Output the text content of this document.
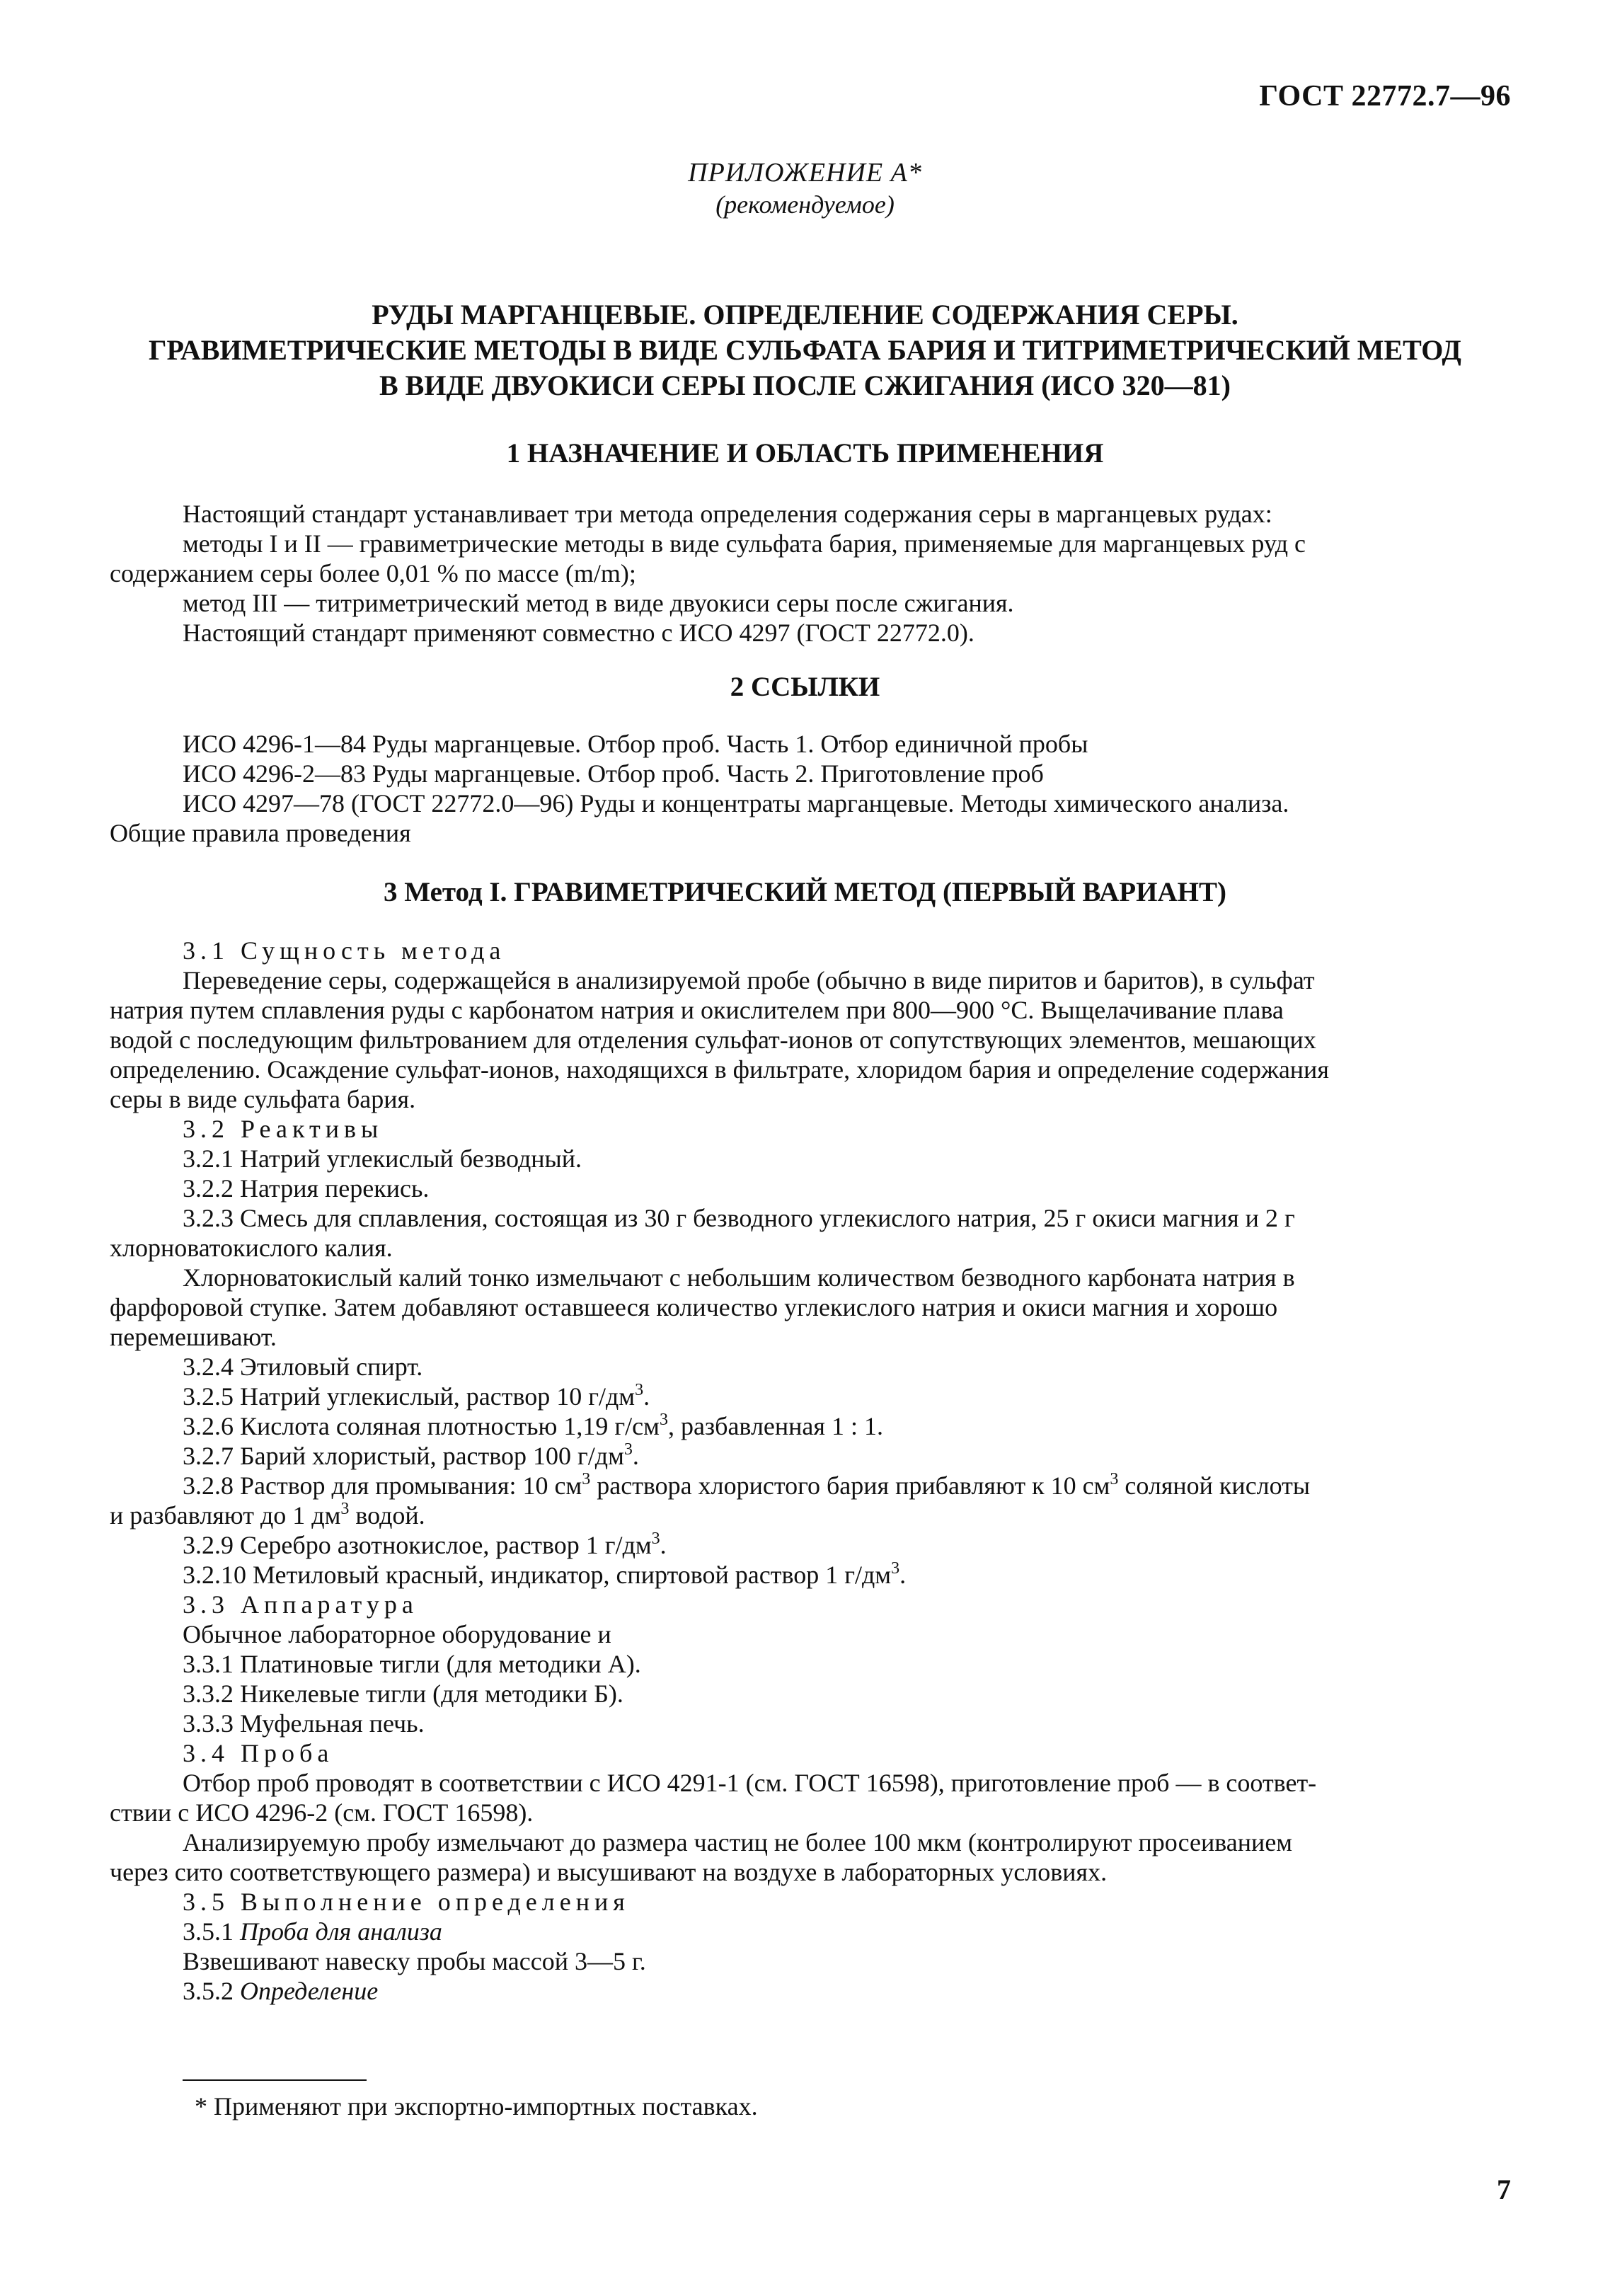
ГОСТ 22772.7—96
ПРИЛОЖЕНИЕ А*
(рекомендуемое)
РУДЫ МАРГАНЦЕВЫЕ. ОПРЕДЕЛЕНИЕ СОДЕРЖАНИЯ СЕРЫ.
ГРАВИМЕТРИЧЕСКИЕ МЕТОДЫ В ВИДЕ СУЛЬФАТА БАРИЯ И ТИТРИМЕТРИЧЕСКИЙ МЕТОД
В ВИДЕ ДВУОКИСИ СЕРЫ ПОСЛЕ СЖИГАНИЯ (ИСО 320—81)
1 НАЗНАЧЕНИЕ И ОБЛАСТЬ ПРИМЕНЕНИЯ
Настоящий стандарт устанавливает три метода определения содержания серы в марганцевых рудах:
методы I и II — гравиметрические методы в виде сульфата бария, применяемые для марганцевых руд с
содержанием серы более 0,01 % по массе (m/m);
метод III — титриметрический метод в виде двуокиси серы после сжигания.
Настоящий стандарт применяют совместно с ИСО 4297 (ГОСТ 22772.0).
2 ССЫЛКИ
ИСО 4296-1—84 Руды марганцевые. Отбор проб. Часть 1. Отбор единичной пробы
ИСО 4296-2—83 Руды марганцевые. Отбор проб. Часть 2. Приготовление проб
ИСО 4297—78 (ГОСТ 22772.0—96) Руды и концентраты марганцевые. Методы химического анализа.
Общие правила проведения
3 Метод I. ГРАВИМЕТРИЧЕСКИЙ МЕТОД (ПЕРВЫЙ ВАРИАНТ)
3.1 Сущность метода
Переведение серы, содержащейся в анализируемой пробе (обычно в виде пиритов и баритов), в сульфат
натрия путем сплавления руды с карбонатом натрия и окислителем при 800—900 °С. Выщелачивание плава
водой с последующим фильтрованием для отделения сульфат-ионов от сопутствующих элементов, мешающих
определению. Осаждение сульфат-ионов, находящихся в фильтрате, хлоридом бария и определение содержания
серы в виде сульфата бария.
3.2 Реактивы
3.2.1 Натрий углекислый безводный.
3.2.2 Натрия перекись.
3.2.3 Смесь для сплавления, состоящая из 30 г безводного углекислого натрия, 25 г окиси магния и 2 г
хлорноватокислого калия.
Хлорноватокислый калий тонко измельчают с небольшим количеством безводного карбоната натрия в
фарфоровой ступке. Затем добавляют оставшееся количество углекислого натрия и окиси магния и хорошо
перемешивают.
3.2.4 Этиловый спирт.
3.2.5 Натрий углекислый, раствор 10 $г/дм^3$.
3.2.6 Кислота соляная плотностью 1,19 $г/см^3$, разбавленная 1 : 1.
3.2.7 Барий хлористый, раствор 100 $г/дм^3$.
3.2.8 Раствор для промывания: 10 $см^3$ раствора хлористого бария прибавляют к 10 $см^3$ соляной кислоты
и разбавляют до 1 $дм^3$ водой.
3.2.9 Серебро азотнокислое, раствор 1 $г/дм^3$.
3.2.10 Метиловый красный, индикатор, спиртовой раствор 1 $г/дм^3$.
3.3 Аппаратура
Обычное лабораторное оборудование и
3.3.1 Платиновые тигли (для методики А).
3.3.2 Никелевые тигли (для методики Б).
3.3.3 Муфельная печь.
3.4 Проба
Отбор проб проводят в соответствии с ИСО 4291-1 (см. ГОСТ 16598), приготовление проб — в соответ-
ствии с ИСО 4296-2 (см. ГОСТ 16598).
Анализируемую пробу измельчают до размера частиц не более 100 мкм (контролируют просеиванием
через сито соответствующего размера) и высушивают на воздухе в лабораторных условиях.
3.5 Выполнение определения
3.5.1 Проба для анализа
Взвешивают навеску пробы массой 3—5 г.
3.5.2 Определение
* Применяют при экспортно-импортных поставках.
7
